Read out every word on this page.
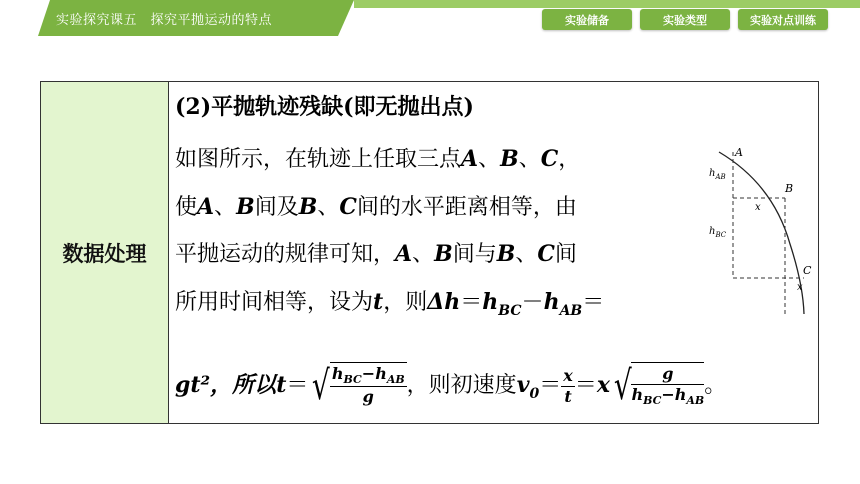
实验探究课五　探究平抛运动的特点	实验储备	实验类型	实验对点训练
数据处理
(2)平抛轨迹残缺(即无抛出点)
如图所示，在轨迹上任取三点A、B、C，
使A、B间及B、C间的水平距离相等，由
平抛运动的规律可知，A、B间与B、C间
所用时间相等，设为t，则$\Delta h=h_{BC}-h_{AB}=$
gt²，所以t＝ √ $\frac{h_{BC}-h_{AB}}{g}$ ，则初速度$v_0= \frac{x}{t} =x$ √ $\frac{g}{h_{BC}-h_{AB}}$ 。
A
B
C
$h_{AB}$
$h_{BC}$
x
x
